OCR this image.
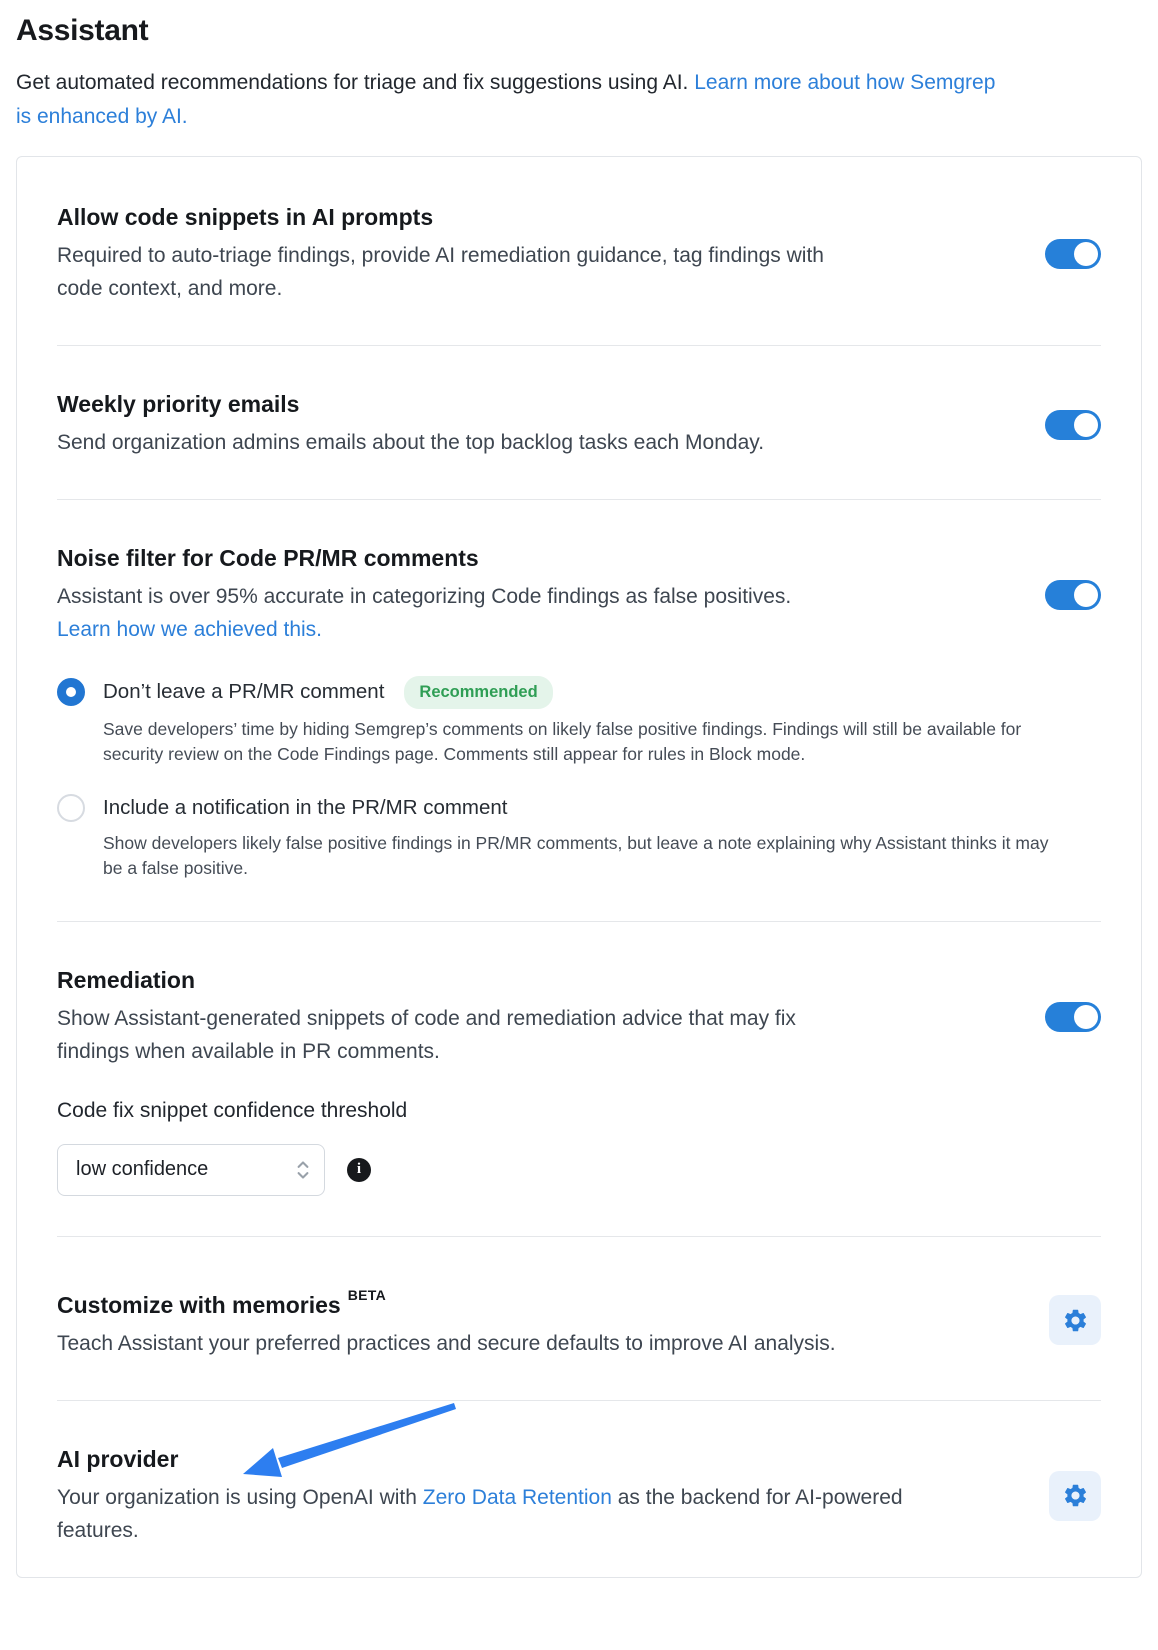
Assistant

Get automated recommendations for triage and fix suggestions using AI. Learn more about how Semgrep is enhanced by AI.

Allow code snippets in AI prompts

Required to auto-triage findings, provide AI remediation guidance, tag findings with code context, and more.

Weekly priority emails

Send organization admins emails about the top backlog tasks each Monday.

Noise filter for Code PR/MR comments

Assistant is over 95% accurate in categorizing Code findings as false positives.

Learn how we achieved this.
Don’t leave a PR/MR comment	Recommended

Save developers’ time by hiding Semgrep’s comments on likely false positive findings. Findings will still be available for security review on the Code Findings page. Comments still appear for rules in Block mode.

Include a notification in the PR/MR comment

Show developers likely false positive findings in PR/MR comments, but leave a note explaining why Assistant thinks it may be a false positive.

Remediation

Show Assistant-generated snippets of code and remediation advice that may fix findings when available in PR comments.

Code fix snippet confidence threshold

low confidence	i
Customize with memories $^{BETA}$

Teach Assistant your preferred practices and secure defaults to improve AI analysis.

AI provider

Your organization is using OpenAI with Zero Data Retention as the backend for AI-powered features.
